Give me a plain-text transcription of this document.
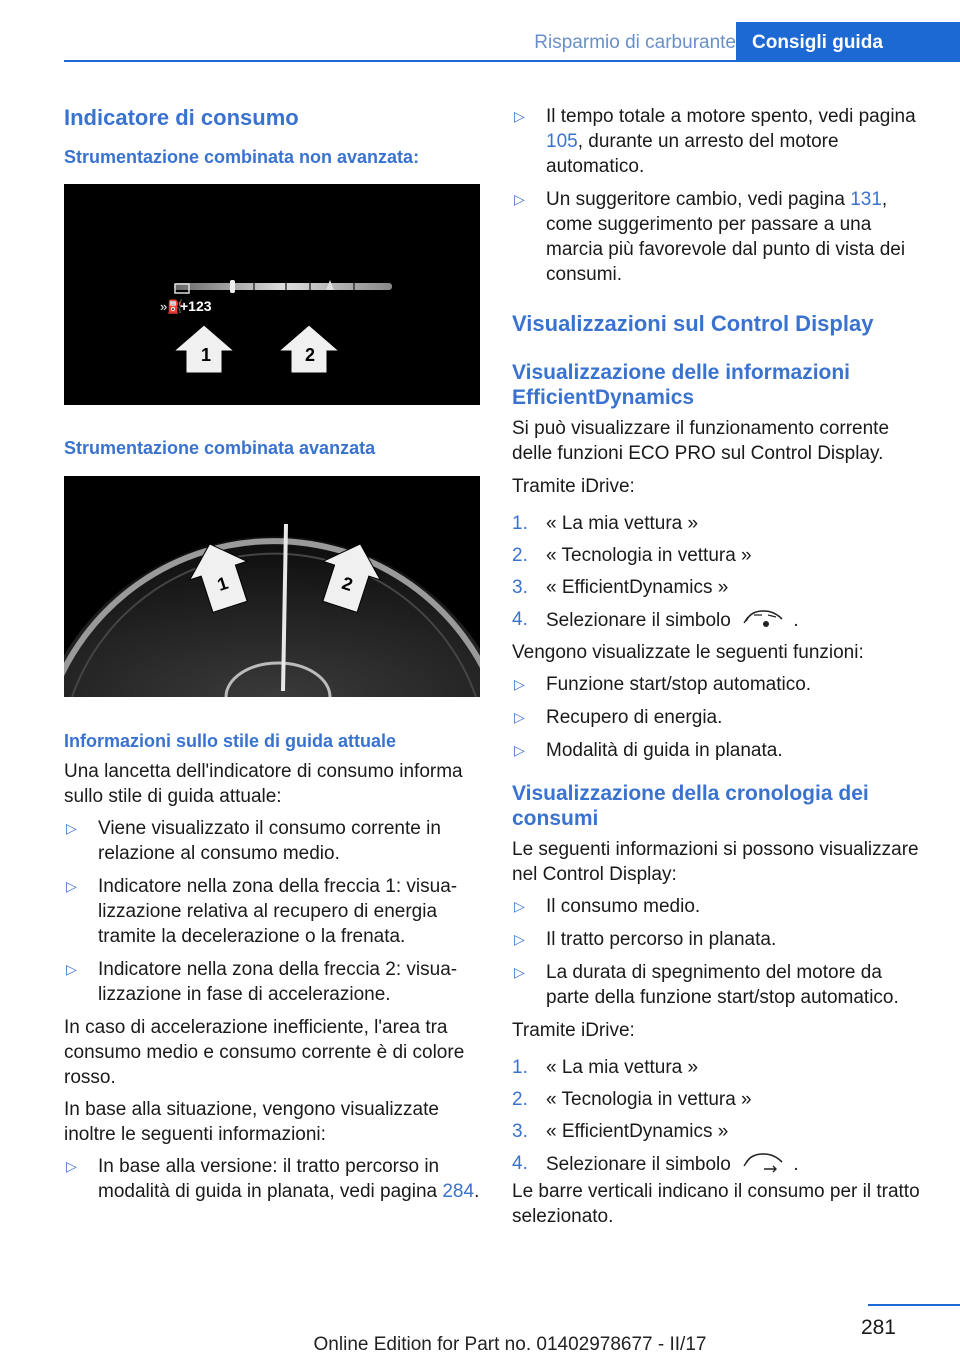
Risparmio di carburante Consigli guida
Indicatore di consumo
Strumentazione combinata non avanzata:
»⛽
+123
1	2
Strumentazione combinata avanzata
1	2
Informazioni sullo stile di guida attuale

Una lancetta dell'indicatore di consumo informa sullo stile di guida attuale:

▷ Viene visualizzato il consumo corrente in relazione al consumo medio.
▷ Indicatore nella zona della freccia 1: visualizzazione relativa al recupero di energia tramite la decelerazione o la frenata.
▷ Indicatore nella zona della freccia 2: visualizzazione in fase di accelerazione.

In caso di accelerazione inefficiente, l'area tra consumo medio e consumo corrente è di colore rosso.

In base alla situazione, vengono visualizzate inoltre le seguenti informazioni:

▷ In base alla versione: il tratto percorso in modalità di guida in planata, vedi pagina 284.
▷ Il tempo totale a motore spento, vedi pagina 105, durante un arresto del motore automatico.
▷ Un suggeritore cambio, vedi pagina 131, come suggerimento per passare a una marcia più favorevole dal punto di vista dei consumi.
Visualizzazioni sul Control Display
Visualizzazione delle informazioni EfficientDynamics

Si può visualizzare il funzionamento corrente delle funzioni ECO PRO sul Control Display.

Tramite iDrive:

1. « La mia vettura »
2. « Tecnologia in vettura »
3. « EfficientDynamics »
4. Selezionare il simbolo	.

Vengono visualizzate le seguenti funzioni:

▷ Funzione start/stop automatico.
▷ Recupero di energia.
▷ Modalità di guida in planata.
Visualizzazione della cronologia dei consumi

Le seguenti informazioni si possono visualizzare nel Control Display:

▷ Il consumo medio.
▷ Il tratto percorso in planata.
▷ La durata di spegnimento del motore da parte della funzione start/stop automatico.

Tramite iDrive:

1. « La mia vettura »
2. « Tecnologia in vettura »
3. « EfficientDynamics »
4. Selezionare il simbolo	.

Le barre verticali indicano il consumo per il tratto selezionato.

281
Online Edition for Part no. 01402978677 - II/17
